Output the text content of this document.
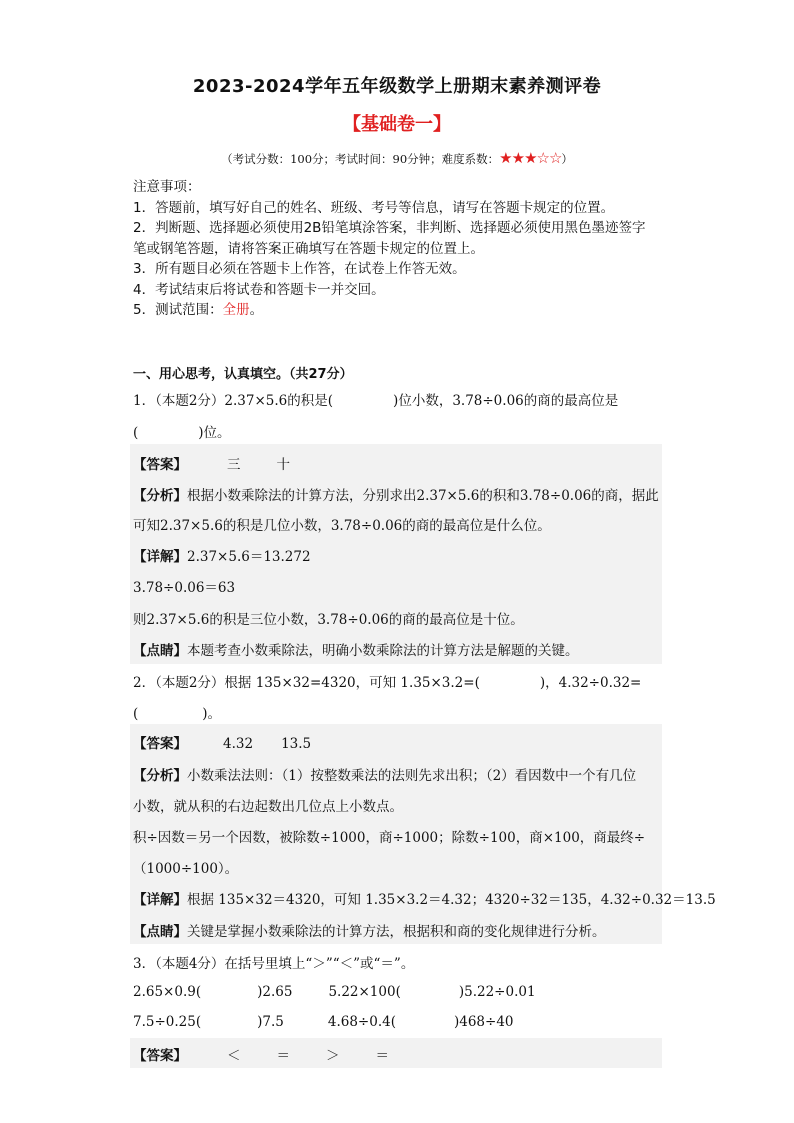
2023-2024学年五年级数学上册期末素养测评卷
【基础卷一】
（考试分数：100分；考试时间：90分钟；难度系数：★★★☆☆）
注意事项：
1．答题前，填写好自己的姓名、班级、考号等信息，请写在答题卡规定的位置。
2．判断题、选择题必须使用2B铅笔填涂答案，非判断、选择题必须使用黑色墨迹签字
笔或钢笔答题，请将答案正确填写在答题卡规定的位置上。
3．所有题目必须在答题卡上作答，在试卷上作答无效。
4．考试结束后将试卷和答题卡一并交回。
5．测试范围：全册。
一、用心思考，认真填空。（共27分）
1．（本题2分）2.37×5.6的积是(	)位小数，3.78÷0.06的商的最高位是
(	)位。
【答案】	三	十
【分析】根据小数乘除法的计算方法，分别求出2.37×5.6的积和3.78÷0.06的商，据此
可知2.37×5.6的积是几位小数，3.78÷0.06的商的最高位是什么位。
【详解】2.37×5.6＝13.272
3.78÷0.06＝63
则2.37×5.6的积是三位小数，3.78÷0.06的商的最高位是十位。
【点睛】本题考查小数乘除法，明确小数乘除法的计算方法是解题的关键。
2．（本题2分）根据 135×32=4320，可知 1.35×3.2=(	)，4.32÷0.32=
(	)。
【答案】	4.32 13.5
【分析】小数乘法法则：（1）按整数乘法的法则先求出积；（2）看因数中一个有几位
小数，就从积的右边起数出几位点上小数点。
积÷因数＝另一个因数，被除数÷1000，商÷1000；除数÷100，商×100，商最终÷
（1000÷100）。
【详解】根据 135×32＝4320，可知 1.35×3.2＝4.32；4320÷32＝135，4.32÷0.32＝13.5
【点睛】关键是掌握小数乘除法的计算方法，根据积和商的变化规律进行分析。
3．（本题4分）在括号里填上“＞”“＜”或“＝”。
2.65×0.9(	)2.65	5.22×100(	)5.22÷0.01
7.5÷0.25(	)7.5	4.68÷0.4(	)468÷40
【答案】	＜	＝	＞	＝
